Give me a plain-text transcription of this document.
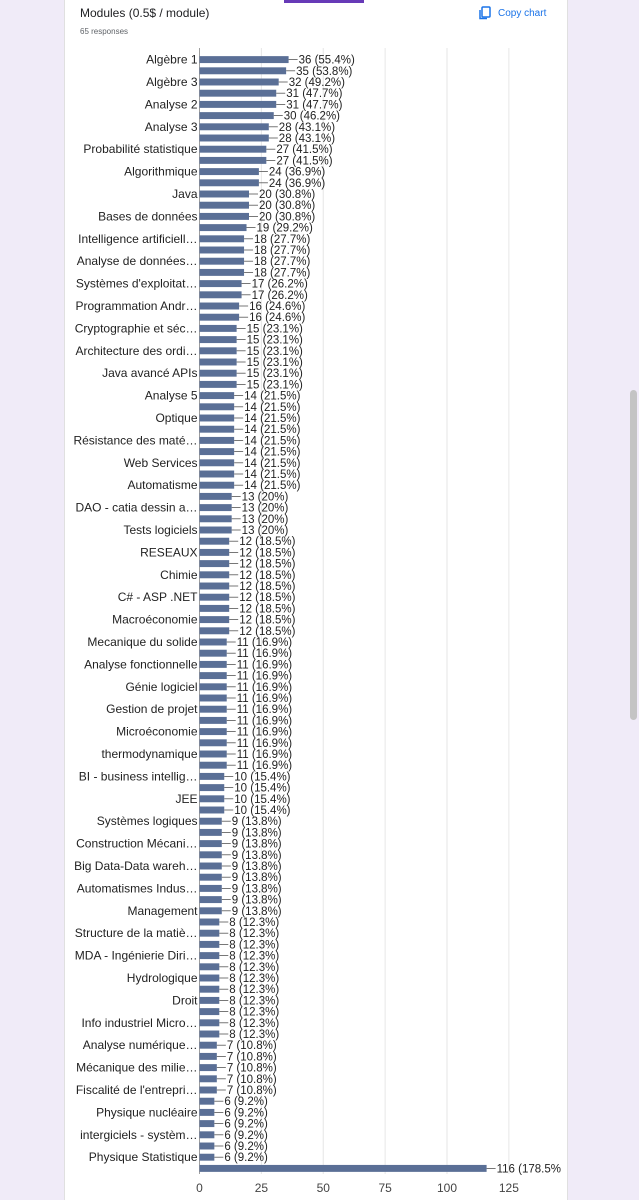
Modules (0.5$ / module)
65 responses
Copy chart
0	25	50	75	100	125
Algèbre 1	36 (55.4%)
35 (53.8%)
Algèbre 3	32 (49.2%)
31 (47.7%)
Analyse 2	31 (47.7%)
30 (46.2%)
Analyse 3	28 (43.1%)
28 (43.1%)
Probabilité statistique	27 (41.5%)
27 (41.5%)
Algorithmique	24 (36.9%)
24 (36.9%)
Java	20 (30.8%)
20 (30.8%)
Bases de données	20 (30.8%)
19 (29.2%)
Intelligence artificiell…	18 (27.7%)
18 (27.7%)
Analyse de données…	18 (27.7%)
18 (27.7%)
Systèmes d'exploitat…	17 (26.2%)
17 (26.2%)
Programmation Andr…	16 (24.6%)
16 (24.6%)
Cryptographie et séc…	15 (23.1%)
15 (23.1%)
Architecture des ordi…	15 (23.1%)
15 (23.1%)
Java avancé APIs	15 (23.1%)
15 (23.1%)
Analyse 5	14 (21.5%)
14 (21.5%)
Optique	14 (21.5%)
14 (21.5%)
Résistance des maté…	14 (21.5%)
14 (21.5%)
Web Services	14 (21.5%)
14 (21.5%)
Automatisme	14 (21.5%)
13 (20%)
DAO - catia dessin a…	13 (20%)
13 (20%)
Tests logiciels	13 (20%)
12 (18.5%)
RESEAUX	12 (18.5%)
12 (18.5%)
Chimie	12 (18.5%)
12 (18.5%)
C# - ASP .NET	12 (18.5%)
12 (18.5%)
Macroéconomie	12 (18.5%)
12 (18.5%)
Mecanique du solide	11 (16.9%)
11 (16.9%)
Analyse fonctionnelle	11 (16.9%)
11 (16.9%)
Génie logiciel	11 (16.9%)
11 (16.9%)
Gestion de projet	11 (16.9%)
11 (16.9%)
Microéconomie	11 (16.9%)
11 (16.9%)
thermodynamique	11 (16.9%)
11 (16.9%)
BI - business intellig…	10 (15.4%)
10 (15.4%)
JEE	10 (15.4%)
10 (15.4%)
Systèmes logiques	9 (13.8%)
9 (13.8%)
Construction Mécani…	9 (13.8%)
9 (13.8%)
Big Data-Data wareh…	9 (13.8%)
9 (13.8%)
Automatismes Indus…	9 (13.8%)
9 (13.8%)
Management	9 (13.8%)
8 (12.3%)
Structure de la matiè…	8 (12.3%)
8 (12.3%)
MDA - Ingénierie Diri…	8 (12.3%)
8 (12.3%)
Hydrologique	8 (12.3%)
8 (12.3%)
Droit	8 (12.3%)
8 (12.3%)
Info industriel Micro…	8 (12.3%)
8 (12.3%)
Analyse numérique…	7 (10.8%)
7 (10.8%)
Mécanique des milie…	7 (10.8%)
7 (10.8%)
Fiscalité de l'entrepri…	7 (10.8%)
6 (9.2%)
Physique nucléaire 6 (9.2%)
6 (9.2%)
intergiciels - systèm… 6 (9.2%)
6 (9.2%)
Physique Statistique 6 (9.2%)
116 (178.5%
